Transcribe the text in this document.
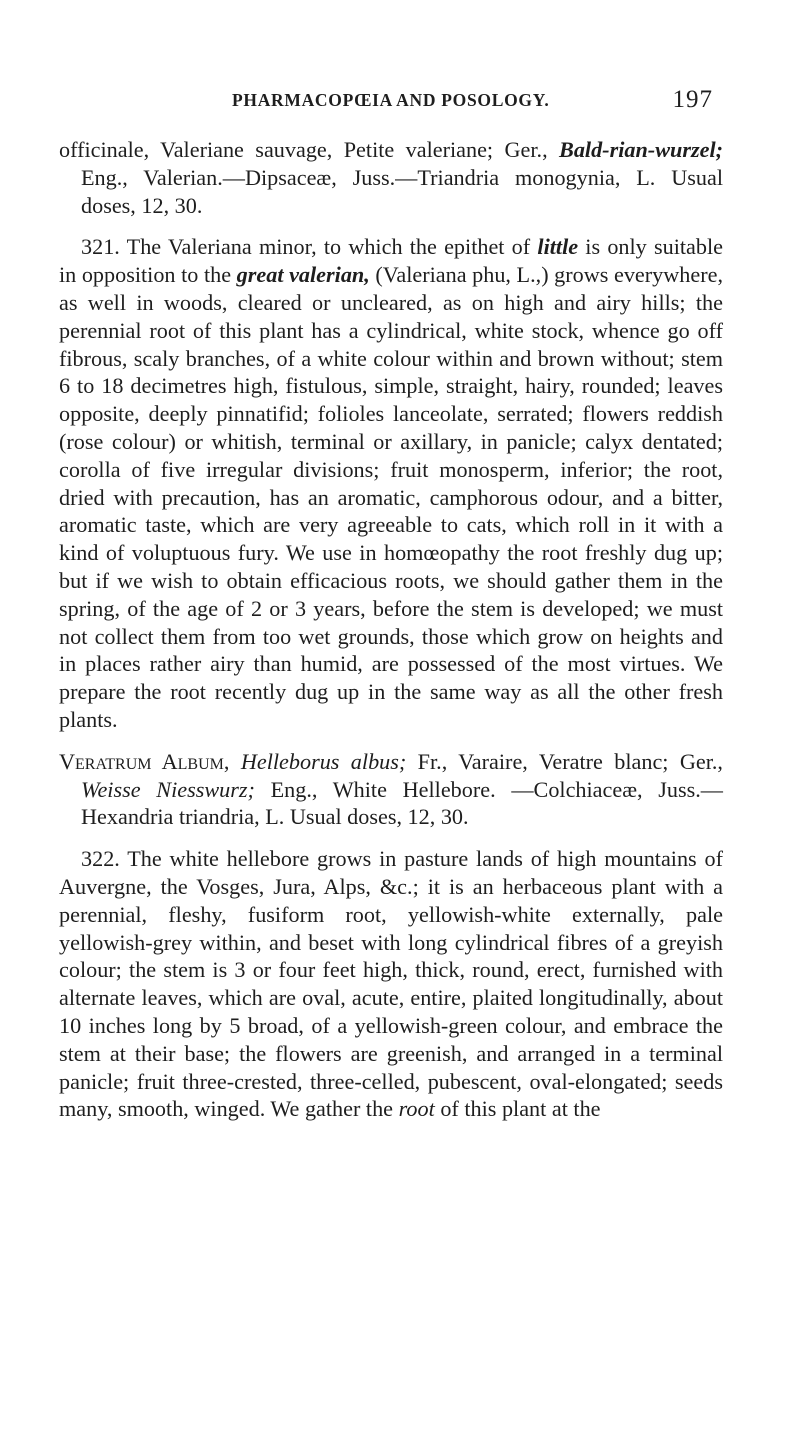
PHARMACOPŒIA AND POSOLOGY.	197

officinale, Valeriane sauvage, Petite valeriane; Ger., Bald-rian-wurzel; Eng., Valerian.—Dipsaceæ, Juss.—Triandria monogynia, L. Usual doses, 12, 30.

321. The Valeriana minor, to which the epithet of little is only suitable in opposition to the great valerian, (Valeriana phu, L.,) grows everywhere, as well in woods, cleared or uncleared, as on high and airy hills; the perennial root of this plant has a cylindrical, white stock, whence go off fibrous, scaly branches, of a white colour within and brown without; stem 6 to 18 decimetres high, fistulous, simple, straight, hairy, rounded; leaves opposite, deeply pinnatifid; folioles lanceolate, serrated; flowers reddish (rose colour) or whitish, terminal or axillary, in panicle; calyx dentated; corolla of five irregular divisions; fruit monosperm, inferior; the root, dried with precaution, has an aromatic, camphorous odour, and a bitter, aromatic taste, which are very agreeable to cats, which roll in it with a kind of voluptuous fury. We use in homœopathy the root freshly dug up; but if we wish to obtain efficacious roots, we should gather them in the spring, of the age of 2 or 3 years, before the stem is developed; we must not collect them from too wet grounds, those which grow on heights and in places rather airy than humid, are possessed of the most virtues. We prepare the root recently dug up in the same way as all the other fresh plants.

Veratrum Album, Helleborus albus; Fr., Varaire, Veratre blanc; Ger., Weisse Niesswurz; Eng., White Hellebore. —Colchiaceæ, Juss.—Hexandria triandria, L. Usual doses, 12, 30.

322. The white hellebore grows in pasture lands of high mountains of Auvergne, the Vosges, Jura, Alps, &c.; it is an herbaceous plant with a perennial, fleshy, fusiform root, yellowish-white externally, pale yellowish-grey within, and beset with long cylindrical fibres of a greyish colour; the stem is 3 or four feet high, thick, round, erect, furnished with alternate leaves, which are oval, acute, entire, plaited longitudinally, about 10 inches long by 5 broad, of a yellowish-green colour, and embrace the stem at their base; the flowers are greenish, and arranged in a terminal panicle; fruit three-crested, three-celled, pubescent, oval-elongated; seeds many, smooth, winged. We gather the root of this plant at the
